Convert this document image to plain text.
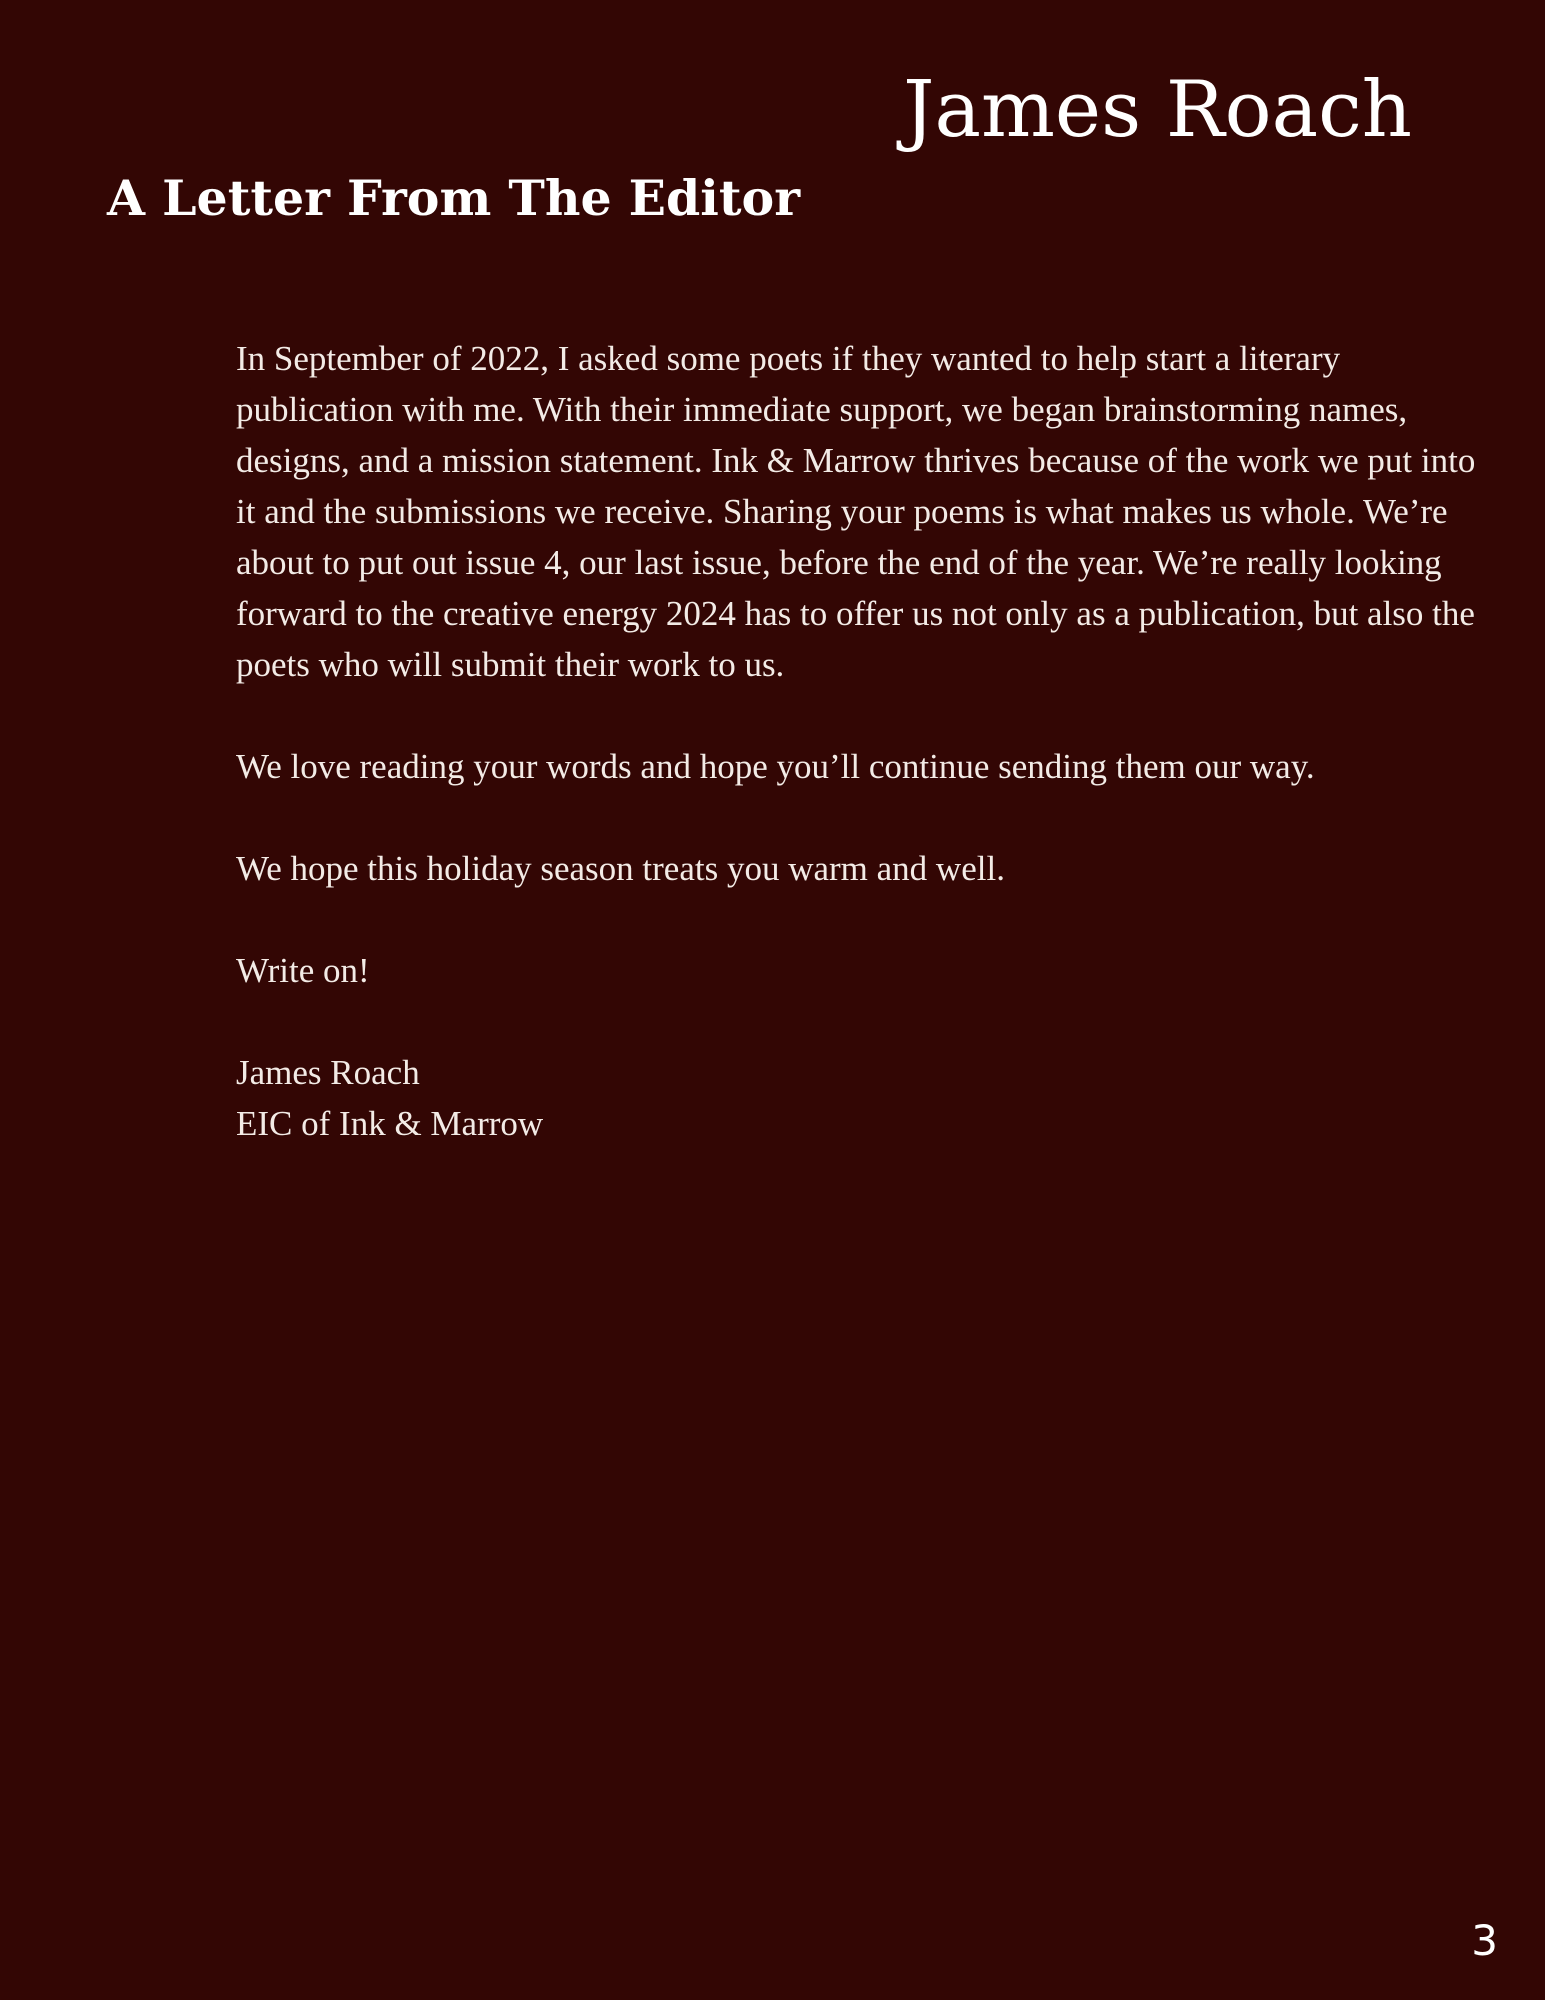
James Roach
A Letter From The Editor

In September of 2022, I asked some poets if they wanted to help start a literary publication with me. With their immediate support, we began brainstorming names, designs, and a mission statement. Ink & Marrow thrives because of the work we put into it and the submissions we receive. Sharing your poems is what makes us whole. We’re about to put out issue 4, our last issue, before the end of the year. We’re really looking forward to the creative energy 2024 has to offer us not only as a publication, but also the poets who will submit their work to us.

We love reading your words and hope you’ll continue sending them our way.

We hope this holiday season treats you warm and well.

Write on!

James Roach
EIC of Ink & Marrow

3
